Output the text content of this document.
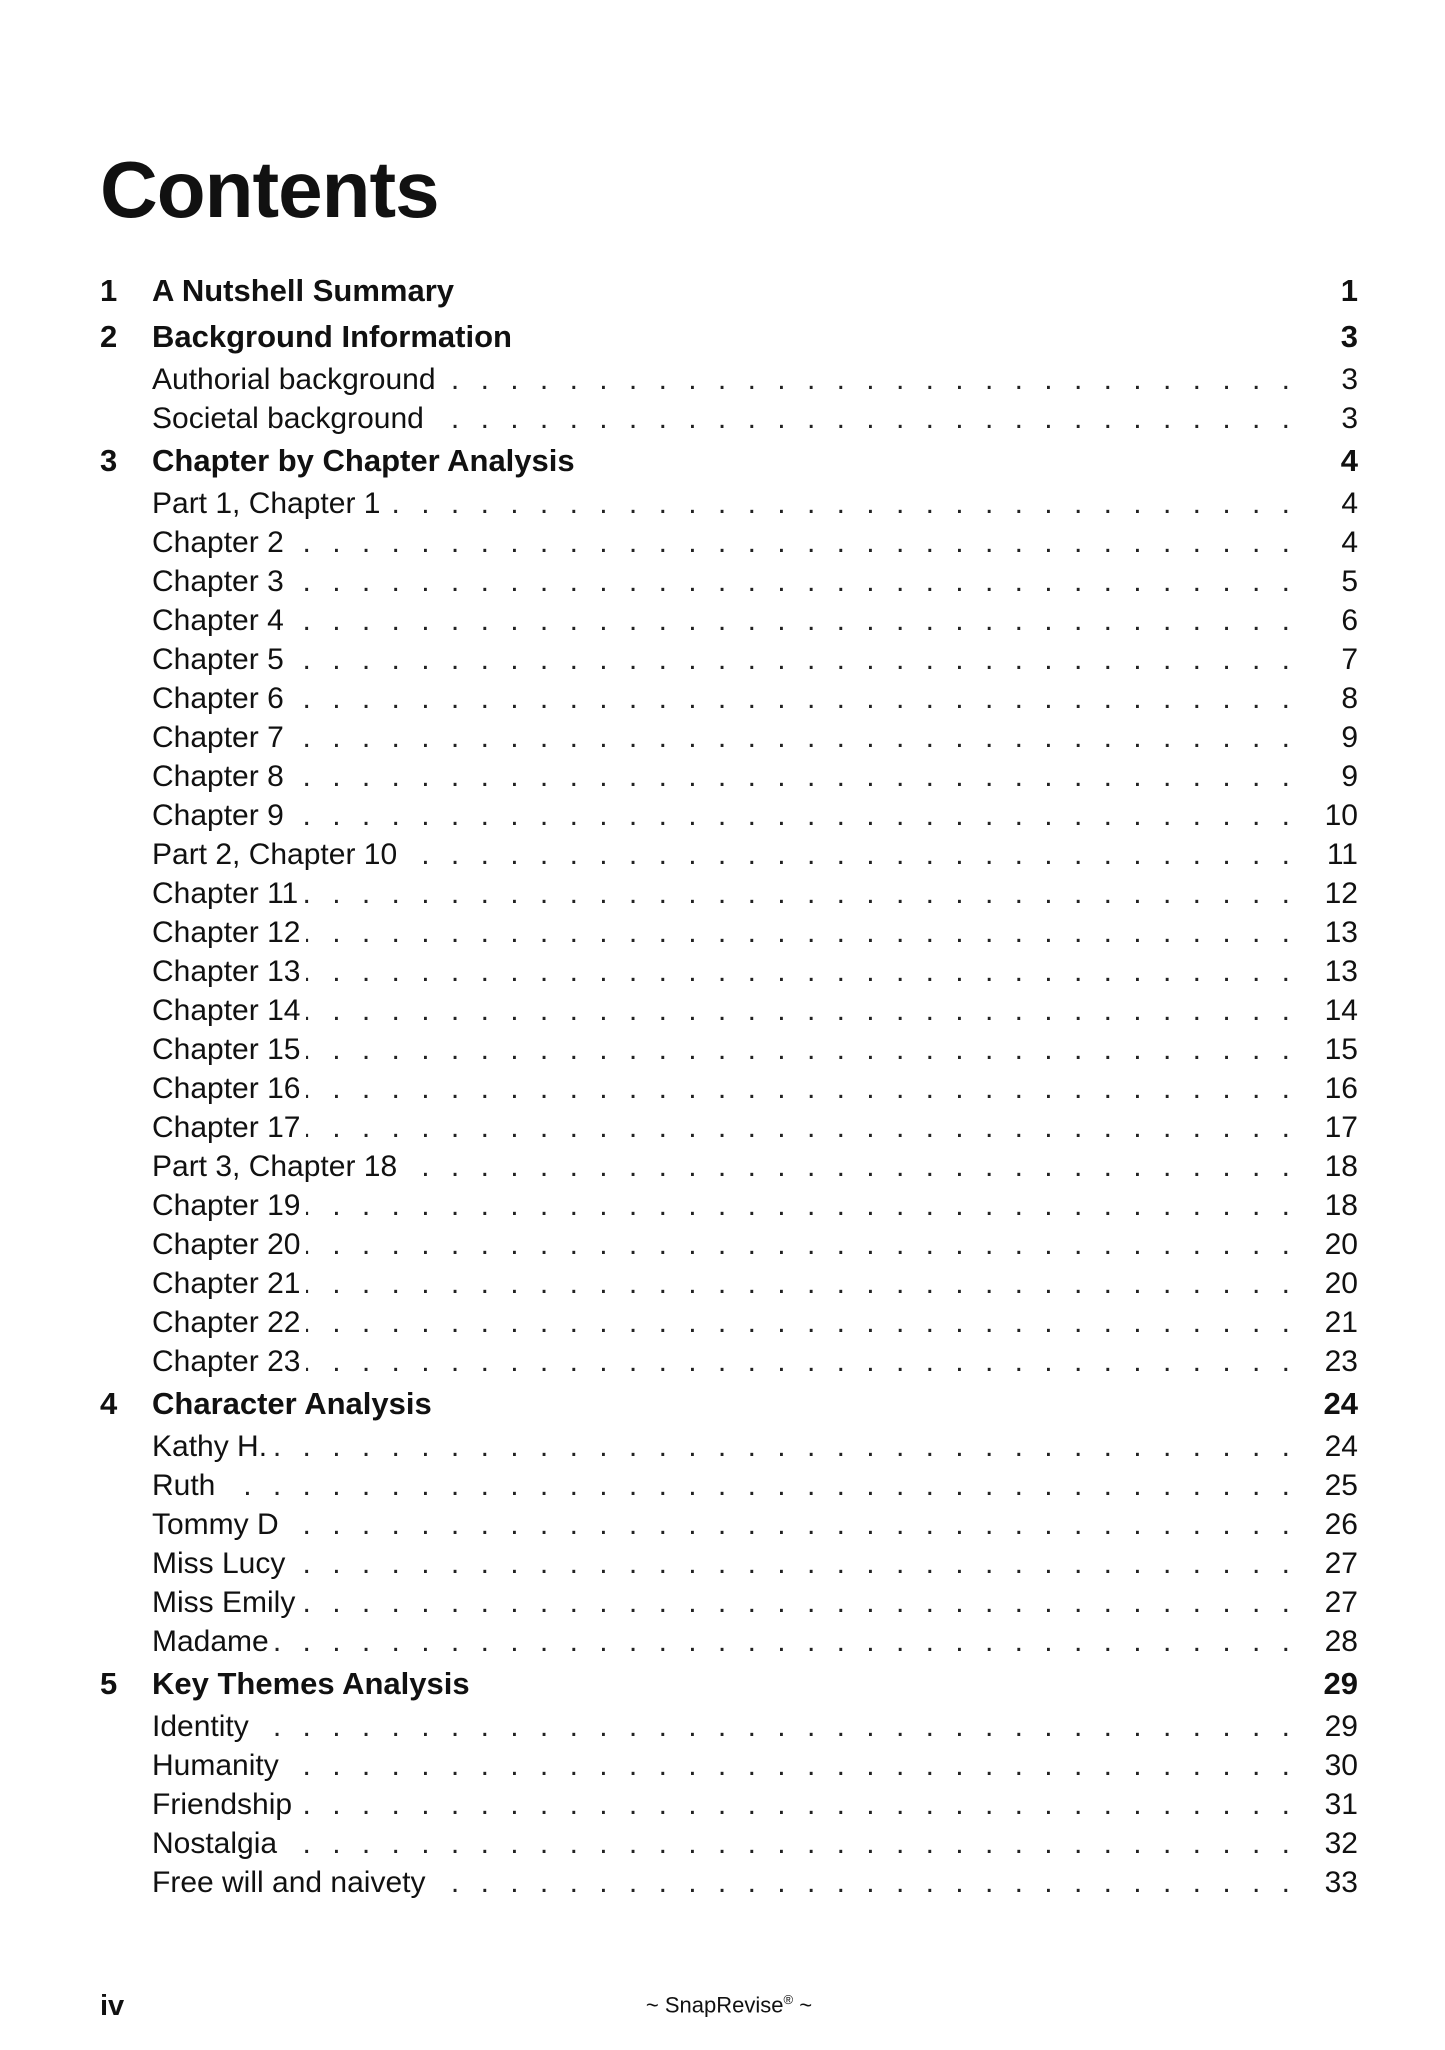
Contents
1	A Nutshell Summary	1
2	Background Information	3
Authorial background . . .	3
Societal background . . .	3
3	Chapter by Chapter Analysis	4
Part 1, Chapter 1 . . .	4
Chapter 2 . . .	4
Chapter 3 . . .	5
Chapter 4 . . .	6
Chapter 5 . . .	7
Chapter 6 . . .	8
Chapter 7 . . .	9
Chapter 8 . . .	9
Chapter 9 . . .	10
Part 2, Chapter 10 . . .	11
Chapter 11 . . .	12
Chapter 12 . . .	13
Chapter 13 . . .	13
Chapter 14 . . .	14
Chapter 15 . . .	15
Chapter 16 . . .	16
Chapter 17 . . .	17
Part 3, Chapter 18 . . .	18
Chapter 19 . . .	18
Chapter 20 . . .	20
Chapter 21 . . .	20
Chapter 22 . . .	21
Chapter 23 . . .	23
4	Character Analysis	24
Kathy H. . . .	24
Ruth . . .	25
Tommy D . . .	26
Miss Lucy . . .	27
Miss Emily . . .	27
Madame . . .	28
5	Key Themes Analysis	29
Identity . . .	29
Humanity . . .	30
Friendship . . .	31
Nostalgia . . .	32
Free will and naivety . . .	33
iv	~ SnapRevise® ~
